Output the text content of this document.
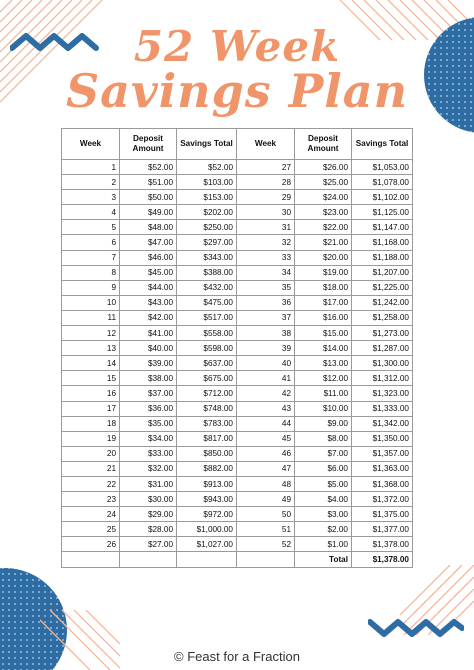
52 Week
Savings Plan
Week	Deposit Amount	Savings Total	Week	Deposit Amount	Savings Total
1	$52.00	$52.00	27	$26.00	$1,053.00
2	$51.00	$103.00	28	$25.00	$1,078.00
3	$50.00	$153.00	29	$24.00	$1,102.00
4	$49.00	$202.00	30	$23.00	$1,125.00
5	$48.00	$250.00	31	$22.00	$1,147.00
6	$47.00	$297.00	32	$21.00	$1,168.00
7	$46.00	$343.00	33	$20.00	$1,188.00
8	$45.00	$388.00	34	$19.00	$1,207.00
9	$44.00	$432.00	35	$18.00	$1,225.00
10	$43.00	$475.00	36	$17.00	$1,242.00
11	$42.00	$517.00	37	$16.00	$1,258.00
12	$41.00	$558.00	38	$15.00	$1,273.00
13	$40.00	$598.00	39	$14.00	$1,287.00
14	$39.00	$637.00	40	$13.00	$1,300.00
15	$38.00	$675.00	41	$12.00	$1,312.00
16	$37.00	$712.00	42	$11.00	$1,323.00
17	$36.00	$748.00	43	$10.00	$1,333.00
18	$35.00	$783.00	44	$9.00	$1,342.00
19	$34.00	$817.00	45	$8.00	$1,350.00
20	$33.00	$850.00	46	$7.00	$1,357.00
21	$32.00	$882.00	47	$6.00	$1,363.00
22	$31.00	$913.00	48	$5.00	$1,368.00
23	$30.00	$943.00	49	$4.00	$1,372.00
24	$29.00	$972.00	50	$3.00	$1,375.00
25	$28.00	$1,000.00	51	$2.00	$1,377.00
26	$27.00	$1,027.00	52	$1.00	$1,378.00
				Total	$1,378.00
© Feast for a Fraction
